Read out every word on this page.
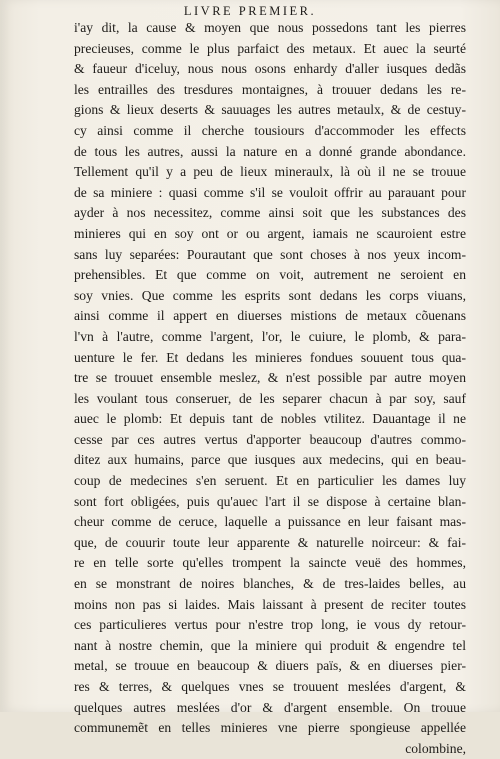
LIVRE PREMIER.
i'ay dit, la cause & moyen que nous possedons tant les pierres
precieuses, comme le plus parfaict des metaux. Et auec la seurté
& faueur d'iceluy, nous nous osons enhardy d'aller iusques dedãs
les entrailles des tresdures montaignes, à trouuer dedans les re-
gions & lieux deserts & sauuages les autres metaulx, & de cestuy-
cy ainsi comme il cherche tousiours d'accommoder les effects
de tous les autres, aussi la nature en a donné grande abondance.
Tellement qu'il y a peu de lieux mineraulx, là où il ne se trouue
de sa miniere : quasi comme s'il se vouloit offrir au parauant pour
ayder à nos necessitez, comme ainsi soit que les substances des
minieres qui en soy ont or ou argent, iamais ne scauroient estre
sans luy separées: Pourautant que sont choses à nos yeux incom-
prehensibles. Et que comme on voit, autrement ne seroient en
soy vnies. Que comme les esprits sont dedans les corps viuans,
ainsi comme il appert en diuerses mistions de metaux cõuenans
l'vn à l'autre, comme l'argent, l'or, le cuiure, le plomb, & para-
uenture le fer. Et dedans les minieres fondues souuent tous qua-
tre se trouuet ensemble meslez, & n'est possible par autre moyen
les voulant tous conseruer, de les separer chacun à par soy, sauf
auec le plomb: Et depuis tant de nobles vtilitez. Dauantage il ne
cesse par ces autres vertus d'apporter beaucoup d'autres commo-
ditez aux humains, parce que iusques aux medecins, qui en beau-
coup de medecines s'en seruent. Et en particulier les dames luy
sont fort obligées, puis qu'auec l'art il se dispose à certaine blan-
cheur comme de ceruce, laquelle a puissance en leur faisant mas-
que, de couurir toute leur apparente & naturelle noirceur: & fai-
re en telle sorte qu'elles trompent la saincte veuë des hommes,
en se monstrant de noires blanches, & de tres-laides belles, au
moins non pas si laides. Mais laissant à present de reciter toutes
ces particulieres vertus pour n'estre trop long, ie vous dy retour-
nant à nostre chemin, que la miniere qui produit & engendre tel
metal, se trouue en beaucoup & diuers païs, & en diuerses pier-
res & terres, & quelques vnes se trouuent meslées d'argent, &
quelques autres meslées d'or & d'argent ensemble. On trouue
communemẽt en telles minieres vne pierre spongieuse appellée
colombine,
